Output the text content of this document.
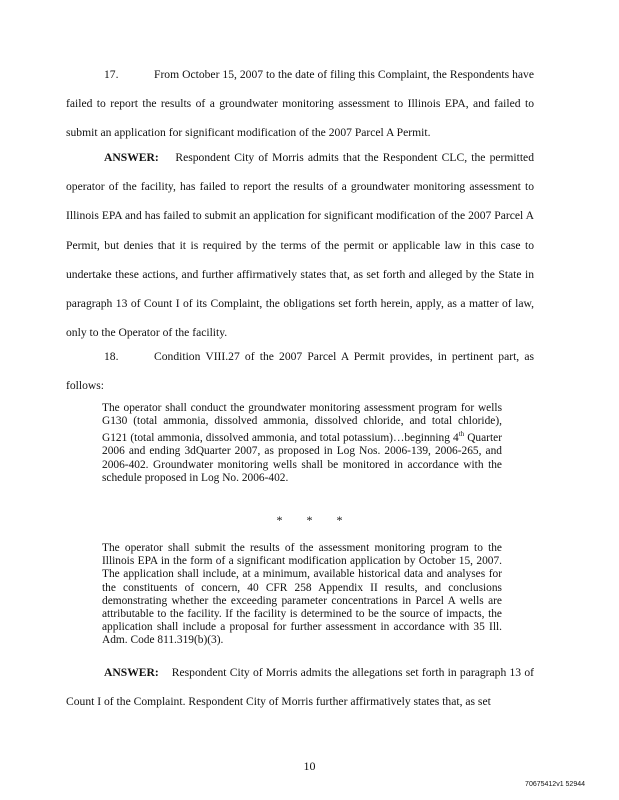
17.	From October 15, 2007 to the date of filing this Complaint, the Respondents have failed to report the results of a groundwater monitoring assessment to Illinois EPA, and failed to submit an application for significant modification of the 2007 Parcel A Permit.

ANSWER: Respondent City of Morris admits that the Respondent CLC, the permitted operator of the facility, has failed to report the results of a groundwater monitoring assessment to Illinois EPA and has failed to submit an application for significant modification of the 2007 Parcel A Permit, but denies that it is required by the terms of the permit or applicable law in this case to undertake these actions, and further affirmatively states that, as set forth and alleged by the State in paragraph 13 of Count I of its Complaint, the obligations set forth herein, apply, as a matter of law, only to the Operator of the facility.

18.	Condition VIII.27 of the 2007 Parcel A Permit provides, in pertinent part, as follows:

The operator shall conduct the groundwater monitoring assessment program for wells G130 (total ammonia, dissolved ammonia, dissolved chloride, and total chloride), G121 (total ammonia, dissolved ammonia, and total potassium)…beginning 4th Quarter 2006 and ending 3dQuarter 2007, as proposed in Log Nos. 2006-139, 2006-265, and 2006-402. Groundwater monitoring wells shall be monitored in accordance with the schedule proposed in Log No. 2006-402.

* * *

The operator shall submit the results of the assessment monitoring program to the Illinois EPA in the form of a significant modification application by October 15, 2007. The application shall include, at a minimum, available historical data and analyses for the constituents of concern, 40 CFR 258 Appendix II results, and conclusions demonstrating whether the exceeding parameter concentrations in Parcel A wells are attributable to the facility. If the facility is determined to be the source of impacts, the application shall include a proposal for further assessment in accordance with 35 Ill. Adm. Code 811.319(b)(3).

ANSWER: Respondent City of Morris admits the allegations set forth in paragraph 13 of Count I of the Complaint. Respondent City of Morris further affirmatively states that, as set

10
70675412v1 52944
